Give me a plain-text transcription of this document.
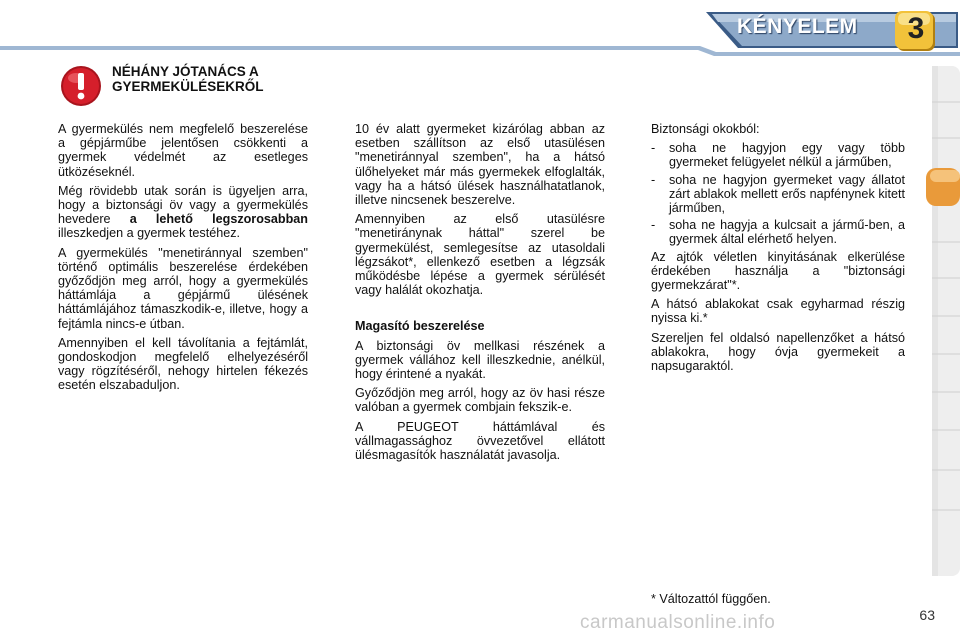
KÉNYELEM	3
NÉHÁNY JÓTANÁCS A
GYERMEKÜLÉSEKRŐL

A gyermekülés nem megfelelő beszerelése a gépjárműbe jelentősen csökkenti a gyermek védelmét az esetleges ütközéseknél.

Még rövidebb utak során is ügyeljen arra, hogy a biztonsági öv vagy a gyermekülés hevedere a lehető legszorosabban illeszkedjen a gyermek testéhez.

A gyermekülés "menetiránnyal szemben" történő optimális beszerelése érdekében győződjön meg arról, hogy a gyermekülés háttámlája a gépjármű ülésének háttámlájához támaszkodik-e, illetve, hogy a fejtámla nincs-e útban.

Amennyiben el kell távolítania a fejtámlát, gondoskodjon megfelelő elhelyezéséről vagy rögzítéséről, nehogy hirtelen fékezés esetén elszabaduljon.

10 év alatt gyermeket kizárólag abban az esetben szállítson az első utasülésen "menetiránnyal szemben", ha a hátsó ülőhelyeket már más gyermekek elfoglalták, vagy ha a hátsó ülések használhatatlanok, illetve nincsenek beszerelve.

Amennyiben az első utasülésre "menetiránynak háttal" szerel be gyermekülést, semlegesítse az utasoldali légzsákot*, ellenkező esetben a légzsák működésbe lépése a gyermek sérülését vagy halálát okozhatja.

Magasító beszerelése

A biztonsági öv mellkasi részének a gyermek vállához kell illeszkednie, anélkül, hogy érintené a nyakát.

Győződjön meg arról, hogy az öv hasi része valóban a gyermek combjain fekszik-e.

A PEUGEOT háttámlával és vállmagassághoz övvezetővel ellátott ülésmagasítók használatát javasolja.

Biztonsági okokból:

- soha ne hagyjon egy vagy több gyermeket felügyelet nélkül a járműben,
- soha ne hagyjon gyermeket vagy állatot zárt ablakok mellett erős napfénynek kitett járműben,
- soha ne hagyja a kulcsait a jármű-ben, a gyermek által elérhető helyen.

Az ajtók véletlen kinyitásának elkerülése érdekében használja a "biztonsági gyermekzárat"*.

A hátsó ablakokat csak egyharmad részig nyissa ki.*

Szereljen fel oldalsó napellenzőket a hátsó ablakokra, hogy óvja gyermekeit a napsugaraktól.

* Változattól függően.
carmanualsonline.info	63
